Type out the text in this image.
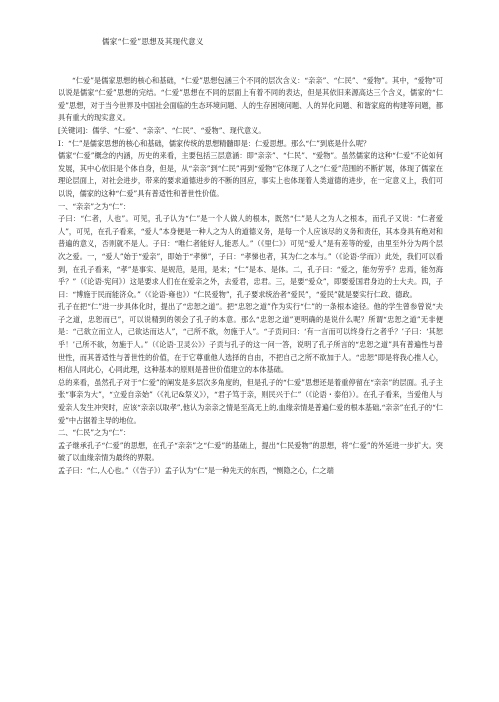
儒家“仁爱”思想及其现代意义

“仁爱”是儒家思想的核心和基础，“仁爱”思想包涵三个不同的层次含义：“亲亲”、“仁民”、“爱物”。其中，“爱物”可以说是儒家“仁爱”思想的完结。“仁爱”思想在不同的层面上有着不同的表达，但是其依旧来源高达三个含义，儒家的“仁爱”思想，对于当今世界及中国社会面临的生态环境问题、人的生存困境问题、人的异化问题、和谐家庭的构建等问题，都具有重大的现实意义。

[关键词]：儒学、“仁爱”、“亲亲”、“仁民”、“爱物”、现代意义。

I：“仁”是儒家思想的核心和基础，儒家传统的思想精髓即是：仁爱思想。那么“仁”到底是什么呢？

儒家“仁爱”概念的内涵，历史的来看，主要包括三层意涵：即“亲亲”、“仁民”、“爱物”。虽然儒家的这种“仁爱”不论如何发展，其中心依旧是个体自身，但是，从“亲亲”到“仁民”再到“爱物”它体现了人之“仁爱”范围的不断扩展，体现了儒家在理论层面上，对社会进步，带来的要求道德进步的不断的回应，事实上也体现着人类道德的进步，在一定意义上，我们可以说，儒家的这种“仁爱”具有普适性和普世性价值。

一、“亲亲”之为“仁”：

子曰：“仁者，人也”。可见，孔子认为“仁”是一个人做人的根本，既然“仁”是人之为人之根本，而孔子又说：“仁者爱人”，可见，在孔子看来，“爱人”本身便是一种人之为人的道德义务，是每一个人应该尽的义务和责任，其本身具有绝对和普遍的意义，否则就不是人。子曰：“唯仁者能好人,能恶人。”（《里仁》）可见“爱人”是有差等的爱，由里至外分为两个层次之爱。一，“爱人”始于“爱亲”，即始于“孝悌”，子曰：“孝悌也者，其为仁之本与。”（《论语·学而》）此处，我们可以看到，在孔子看来，“孝”是事实、是规范，是用，是末；“仁”是本、是体。二，孔子曰：“爱之，能勿劳乎？忠焉，能勿海乎？”（《论语·宪问》）这是要求人们在在爱亲之外，去爱君，忠君。三，是要“爱众”，即要爱国君身边的士大夫。四，子曰：“博施于民而能济众。”（《论语·雍也》）“仁民爱物”，孔子要求统治者“爱民”，“爱民”就是要实行仁政、德政。

孔子在把“仁”进一步具体化时，提出了“忠恕之道”。把“忠恕之道”作为实行“仁”的一条根本途径。他的学生曾参曾说“夫子之道，忠恕而已”，可以说精到的领会了孔子的本意。那么“忠恕之道”更明确的是说什么呢？所谓“忠恕之道”无非便是：“己欲立而立人，己欲达而达人”，“己所不欲，勿施于人”。“子贡问曰：‘有一言而可以终身行之者乎？’子曰：‘其恕乎！’己所不欲，勿施于人。”（《论语·卫灵公》）子贡与孔子的这一问一答，说明了孔子所言的“忠恕之道”具有普遍性与普世性，而其普适性与普世性的价值，在于它尊重他人选择的自由，不把自己之所不欲加于人。“忠恕”即是将我心推人心，相信人同此心，心同此理，这种基本的原则是普世价值建立的本体基础。

总的来看，虽然孔子对于“仁爱”的阐发是多层次多角度的，但是孔子的“仁爱”思想还是着重停留在“亲亲”的层面。孔子主张“事亲为大”，“立爱自亲始”（《礼记&祭义》），“君子笃于亲，则民兴于仁”（《论语・泰伯》）。在孔子看来，当爱他人与爱亲人发生冲突时，应该“亲亲以取孝”,他认为亲亲之情是至高无上的,血缘亲情是普遍仁爱的根本基础,“亲亲”在孔子的“仁爱”中占据着主导的地位。

二、“仁民”之为“仁”：

孟子继承孔子“仁爱”的思想，在孔子“亲亲”之“仁爱”的基础上，提出“仁民爱物”的思想，将“仁爱”的外延进一步扩大。突破了以血缘亲情为最终的界限。

孟子曰：“仁,人心也。”（《告子》）孟子认为“仁”是一种先天的东西，“恻隐之心，仁之端
